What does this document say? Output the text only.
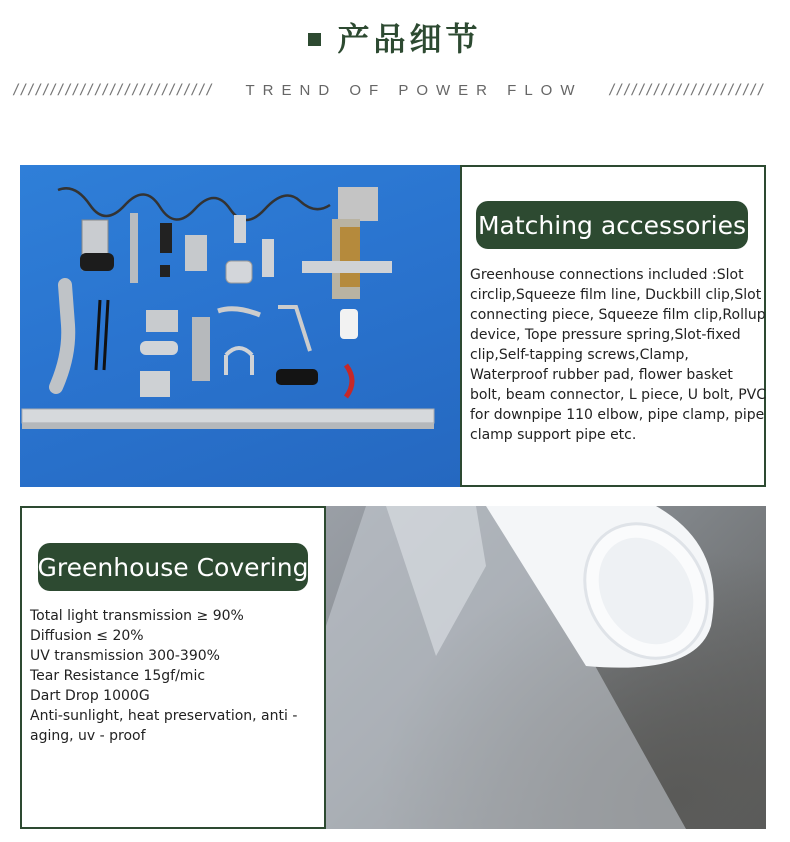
产品细节
///////////////////////////	TREND OF POWER FLOW	/////////////////////
Matching accessories
Greenhouse connections included :Slot circlip,Squeeze film line, Duckbill clip,Slot connecting piece, Squeeze film clip,Rollup device, Tope pressure spring,Slot-fixed clip,Self-tapping screws,Clamp, Waterproof rubber pad, flower basket bolt, beam connector, L piece, U bolt, PVC for downpipe 110 elbow, pipe clamp, pipe clamp support pipe etc.
Greenhouse Covering
Total light transmission ≥ 90%
Diffusion ≤ 20%
UV transmission 300-390%
Tear Resistance 15gf/mic
Dart Drop 1000G
Anti-sunlight, heat preservation, anti -
aging, uv - proof
